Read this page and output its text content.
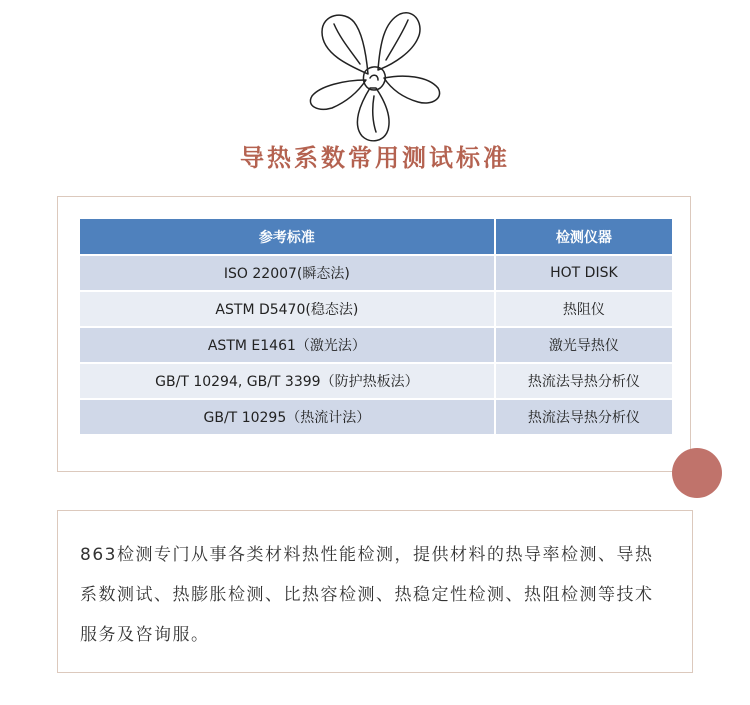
导热系数常用测试标准
参考标准	检测仪器
ISO 22007(瞬态法)	HOT DISK
ASTM D5470(稳态法)	热阻仪
ASTM E1461（激光法）	激光导热仪
GB/T 10294, GB/T 3399（防护热板法）	热流法导热分析仪
GB/T 10295（热流计法）	热流法导热分析仪

863检测专门从事各类材料热性能检测，提供材料的热导率检测、导热系数测试、热膨胀检测、比热容检测、热稳定性检测、热阻检测等技术服务及咨询服。
